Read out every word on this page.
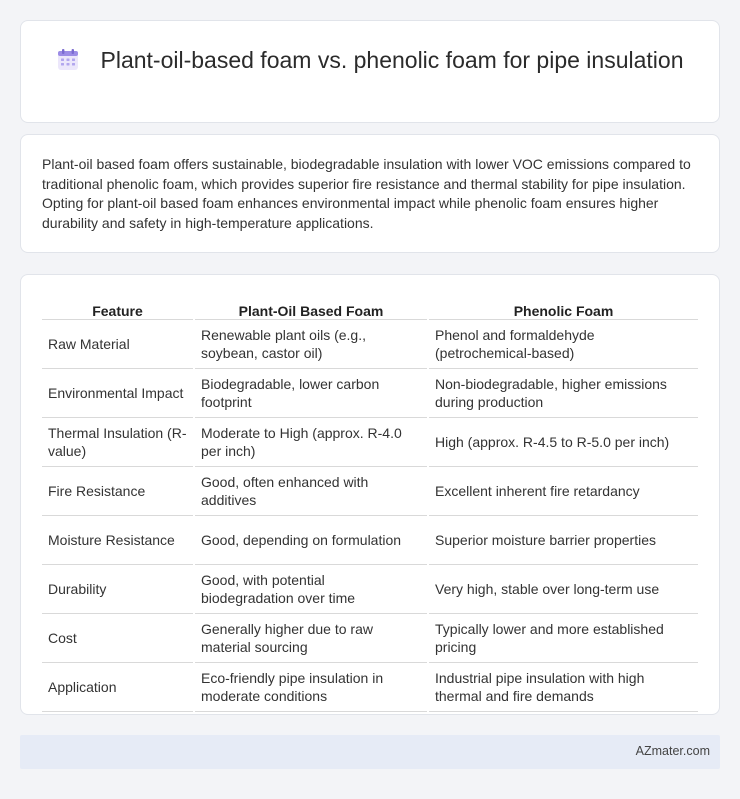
Plant-oil-based foam vs. phenolic foam for pipe insulation

Plant-oil based foam offers sustainable, biodegradable insulation with lower VOC emissions compared to traditional phenolic foam, which provides superior fire resistance and thermal stability for pipe insulation. Opting for plant-oil based foam enhances environmental impact while phenolic foam ensures higher durability and safety in high-temperature applications.

Feature	Plant-Oil Based Foam	Phenolic Foam
Raw Material	Renewable plant oils (e.g., soybean, castor oil)	Phenol and formaldehyde (petrochemical-based)
Environmental Impact	Biodegradable, lower carbon footprint	Non-biodegradable, higher emissions during production
Thermal Insulation (R-value)	Moderate to High (approx. R-4.0 per inch)	High (approx. R-4.5 to R-5.0 per inch)
Fire Resistance	Good, often enhanced with additives	Excellent inherent fire retardancy
Moisture Resistance	Good, depending on formulation	Superior moisture barrier properties
Durability	Good, with potential biodegradation over time	Very high, stable over long-term use
Cost	Generally higher due to raw material sourcing	Typically lower and more established pricing
Application	Eco-friendly pipe insulation in moderate conditions	Industrial pipe insulation with high thermal and fire demands
AZmater.com
